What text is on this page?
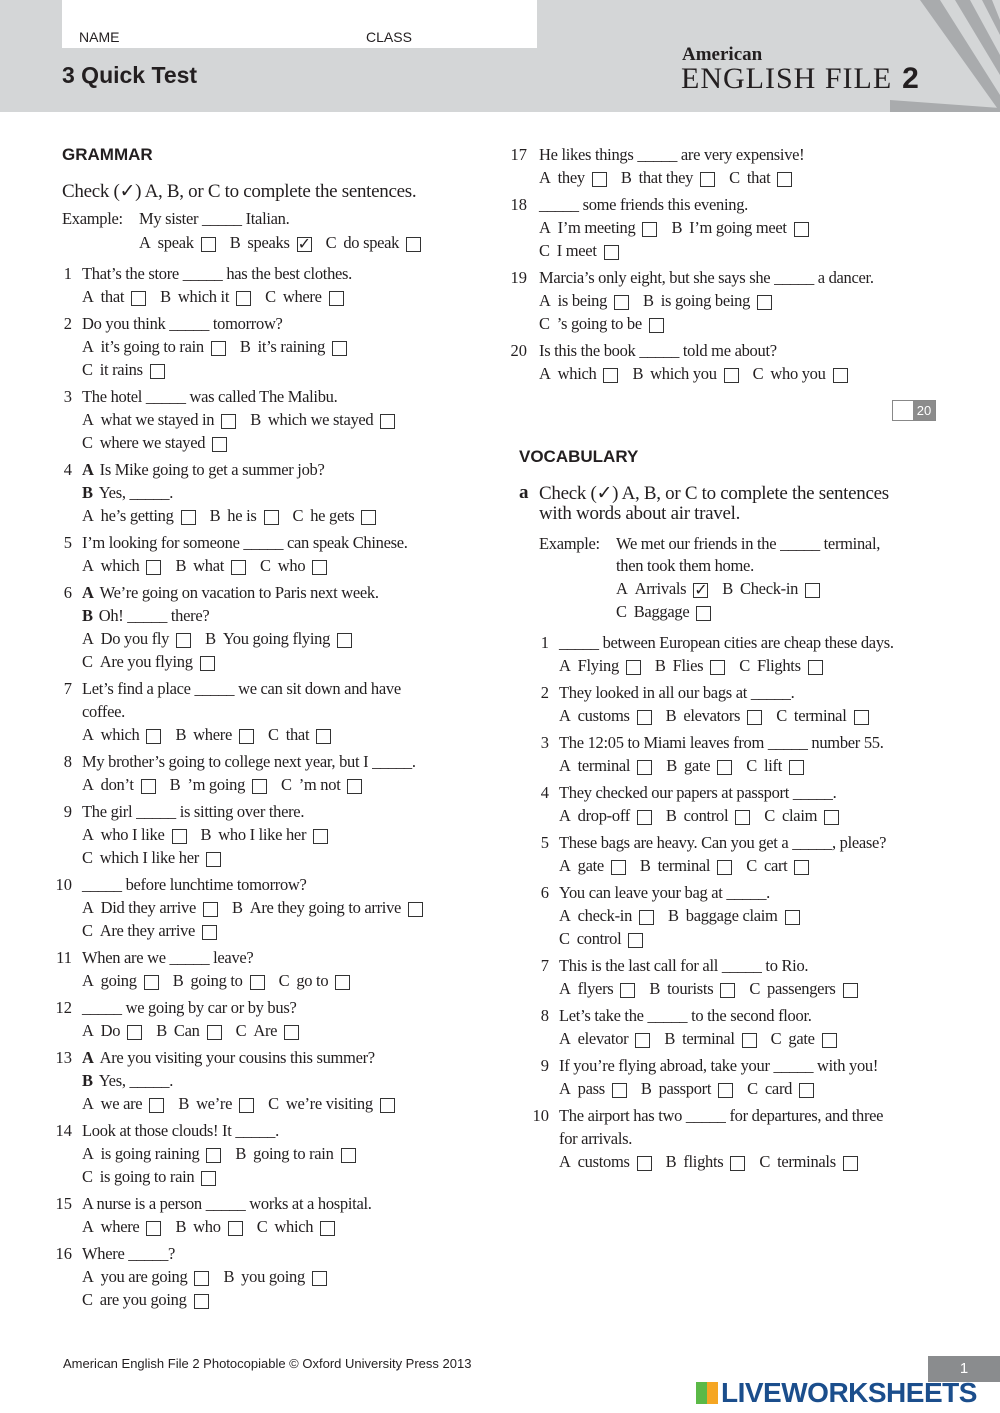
NAME	CLASS
3 Quick Test
American
ENGLISH FILE 2
GRAMMAR
Check (✓) A, B, or C to complete the sentences.
Example: My sister _____ Italian.
20
VOCABULARY
a Check (✓) A, B, or C to complete the sentences
with words about air travel.
Example: We met our friends in the _____ terminal,
then took them home.
American English File 2 Photocopiable © Oxford University Press 2013	1
LIVEWORKSHEETS
A speak B speaks ✓ C do speak
A Arrivals ✓ B Check-in
C Baggage
1 That’s the store _____ has the best clothes.
A that B which it C where
2 Do you think _____ tomorrow?
A it’s going to rain B it’s raining
C it rains
3 The hotel _____ was called The Malibu.
A what we stayed in B which we stayed
C where we stayed
4 A Is Mike going to get a summer job?
B Yes, _____.
A he’s getting B he is C he gets
5 I’m looking for someone _____ can speak Chinese.
A which B what C who
6 A We’re going on vacation to Paris next week.
B Oh! _____ there?
A Do you fly B You going flying
C Are you flying
7 Let’s find a place _____ we can sit down and have
coffee.
A which B where C that
8 My brother’s going to college next year, but I _____.
A don’t B ’m going C ’m not
9 The girl _____ is sitting over there.
A who I like B who I like her
C which I like her
10 _____ before lunchtime tomorrow?
A Did they arrive B Are they going to arrive
C Are they arrive
11 When are we _____ leave?
A going B going to C go to
12 _____ we going by car or by bus?
A Do B Can C Are
13 A Are you visiting your cousins this summer?
B Yes, _____.
A we are B we’re C we’re visiting
14 Look at those clouds! It _____.
A is going raining B going to rain
C is going to rain
15 A nurse is a person _____ works at a hospital.
A where B who C which
16 Where _____?
A you are going B you going
C are you going
17 He likes things _____ are very expensive!
A they B that they C that
18 _____ some friends this evening.
A I’m meeting B I’m going meet
C I meet
19 Marcia’s only eight, but she says she _____ a dancer.
A is being B is going being
C ’s going to be
20 Is this the book _____ told me about?
A which B which you C who you
1 _____ between European cities are cheap these days.
A Flying B Flies C Flights
2 They looked in all our bags at _____.
A customs B elevators C terminal
3 The 12:05 to Miami leaves from _____ number 55.
A terminal B gate C lift
4 They checked our papers at passport _____.
A drop-off B control C claim
5 These bags are heavy. Can you get a _____, please?
A gate B terminal C cart
6 You can leave your bag at _____.
A check-in B baggage claim
C control
7 This is the last call for all _____ to Rio.
A flyers B tourists C passengers
8 Let’s take the _____ to the second floor.
A elevator B terminal C gate
9 If you’re flying abroad, take your _____ with you!
A pass B passport C card
10 The airport has two _____ for departures, and three
for arrivals.
A customs B flights C terminals
